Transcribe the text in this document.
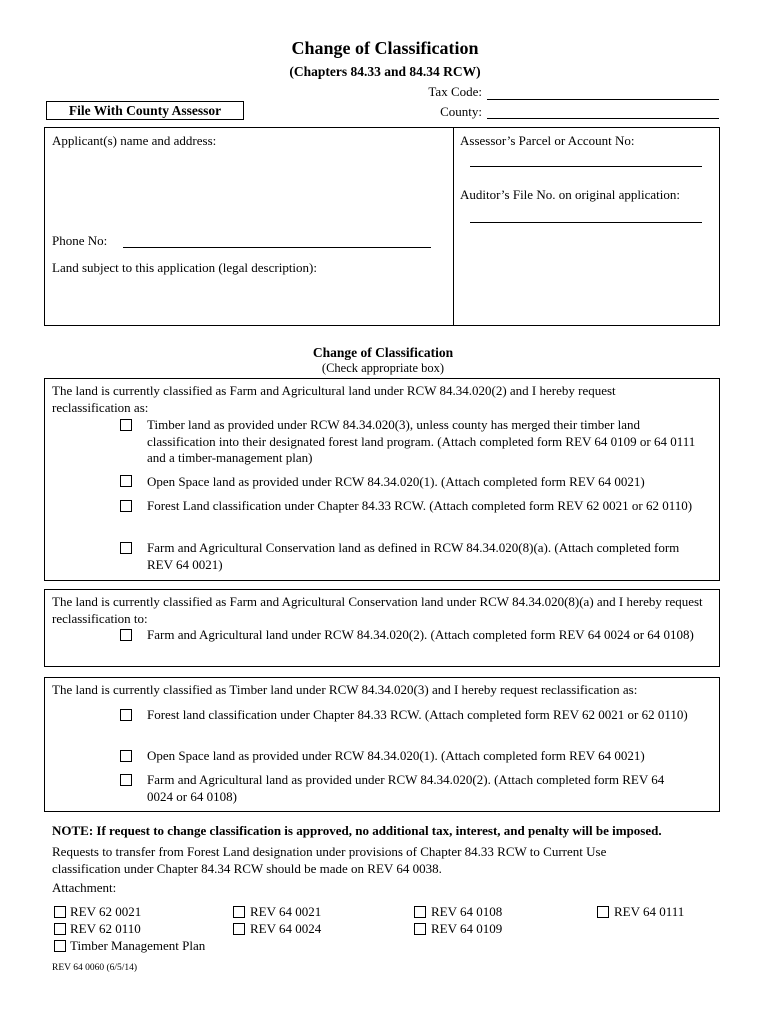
Change of Classification
(Chapters 84.33 and 84.34 RCW)
Tax Code:
County:
File With County Assessor
Applicant(s) name and address:
Phone No:
Land subject to this application (legal description):
Assessor’s Parcel or Account No:
Auditor’s File No. on original application:
Change of Classification
(Check appropriate box)
The land is currently classified as Farm and Agricultural land under RCW 84.34.020(2) and I hereby request reclassification as:
Timber land as provided under RCW 84.34.020(3), unless county has merged their timber land classification into their designated forest land program. (Attach completed form REV 64 0109 or 64 0111 and a timber-management plan)
Open Space land as provided under RCW 84.34.020(1). (Attach completed form REV 64 0021)
Forest Land classification under Chapter 84.33 RCW. (Attach completed form REV 62 0021 or 62 0110)
Farm and Agricultural Conservation land as defined in RCW 84.34.020(8)(a). (Attach completed form REV 64 0021)
The land is currently classified as Farm and Agricultural Conservation land under RCW 84.34.020(8)(a) and I hereby request reclassification to:
Farm and Agricultural land under RCW 84.34.020(2). (Attach completed form REV 64 0024 or 64 0108)
The land is currently classified as Timber land under RCW 84.34.020(3) and I hereby request reclassification as:
Forest land classification under Chapter 84.33 RCW. (Attach completed form REV 62 0021 or 62 0110)
Open Space land as provided under RCW 84.34.020(1). (Attach completed form REV 64 0021)
Farm and Agricultural land as provided under RCW 84.34.020(2). (Attach completed form REV 64 0024 or 64 0108)
NOTE: If request to change classification is approved, no additional tax, interest, and penalty will be imposed.
Requests to transfer from Forest Land designation under provisions of Chapter 84.33 RCW to Current Use classification under Chapter 84.34 RCW should be made on REV 64 0038.
Attachment:
REV 62 0021
REV 62 0110
Timber Management Plan
REV 64 0021
REV 64 0024
REV 64 0108
REV 64 0109
REV 64 0111
REV 64 0060 (6/5/14)
